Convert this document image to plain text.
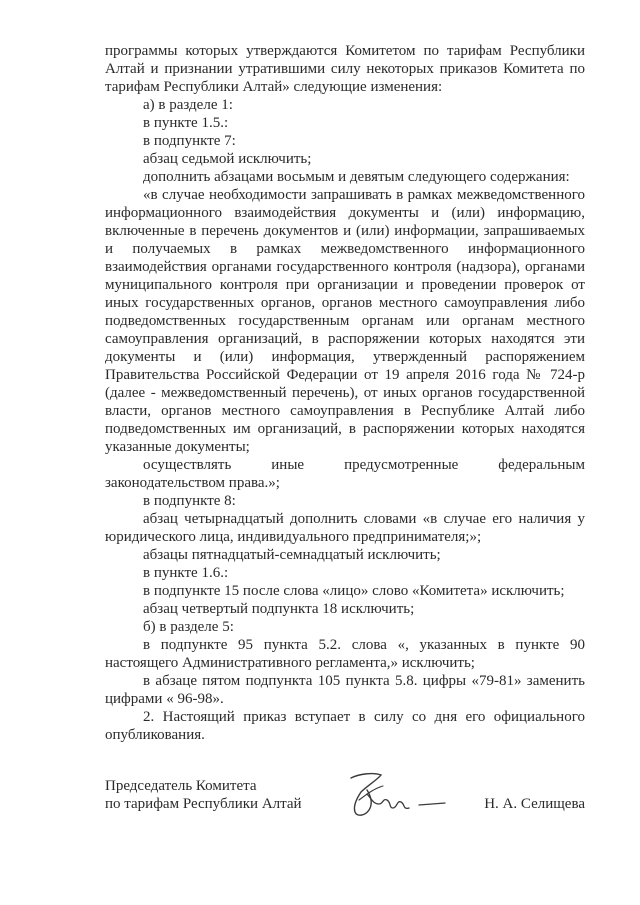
программы которых утверждаются Комитетом по тарифам Республики
Алтай и признании утратившими силу некоторых приказов Комитета по
тарифам Республики Алтай» следующие изменения:
а) в разделе 1:
в пункте 1.5.:
в подпункте 7:
абзац седьмой исключить;
дополнить абзацами восьмым и девятым следующего содержания:
«в случае необходимости запрашивать в рамках межведомственного
информационного взаимодействия документы и (или) информацию,
включенные в перечень документов и (или) информации, запрашиваемых
и получаемых в рамках межведомственного информационного
взаимодействия органами государственного контроля (надзора), органами
муниципального контроля при организации и проведении проверок от
иных государственных органов, органов местного самоуправления либо
подведомственных государственным органам или органам местного
самоуправления организаций, в распоряжении которых находятся эти
документы и (или) информация, утвержденный распоряжением
Правительства Российской Федерации от 19 апреля 2016 года № 724-р
(далее - межведомственный перечень), от иных органов государственной
власти, органов местного самоуправления в Республике Алтай либо
подведомственных им организаций, в распоряжении которых находятся
указанные документы;
осуществлять иные предусмотренные федеральным
законодательством права.»;
в подпункте 8:
абзац четырнадцатый дополнить словами «в случае его наличия у
юридического лица, индивидуального предпринимателя;»;
абзацы пятнадцатый-семнадцатый исключить;
в пункте 1.6.:
в подпункте 15 после слова «лицо» слово «Комитета» исключить;
абзац четвертый подпункта 18 исключить;
б) в разделе 5:
в подпункте 95 пункта 5.2. слова «, указанных в пункте 90
настоящего Административного регламента,» исключить;
в абзаце пятом подпункта 105 пункта 5.8. цифры «79-81» заменить
цифрами « 96-98».
2. Настоящий приказ вступает в силу со дня его официального
опубликования.
Председатель Комитета
по тарифам Республики Алтай	Н. А. Селищева
